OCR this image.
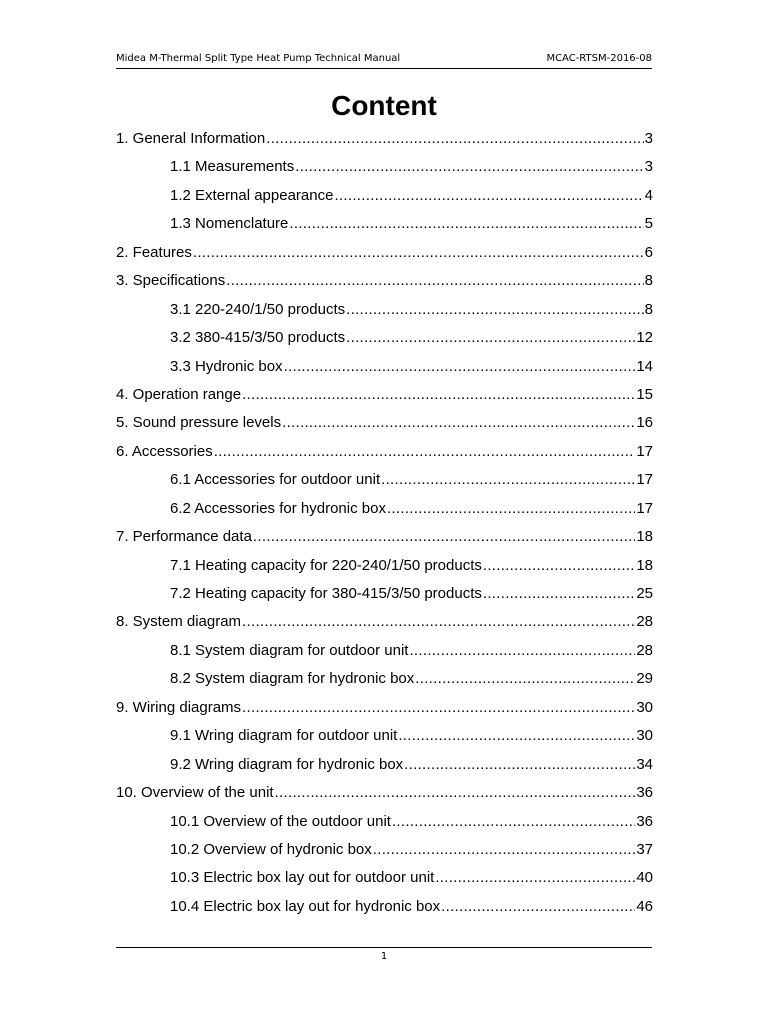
Midea M-Thermal Split Type Heat Pump Technical Manual	MCAC-RTSM-2016-08
Content
1. General Information .....	3
1.1 Measurements .....	3
1.2 External appearance .....	4
1.3 Nomenclature .....	5
2. Features .....	6
3. Specifications .....	8
3.1 220-240/1/50 products .....	8
3.2 380-415/3/50 products .....	12
3.3 Hydronic box .....	14
4. Operation range .....	15
5. Sound pressure levels .....	16
6. Accessories .....	17
6.1 Accessories for outdoor unit .....	17
6.2 Accessories for hydronic box .....	17
7. Performance data .....	18
7.1 Heating capacity for 220-240/1/50 products .....	18
7.2 Heating capacity for 380-415/3/50 products .....	25
8. System diagram .....	28
8.1 System diagram for outdoor unit .....	28
8.2 System diagram for hydronic box .....	29
9. Wiring diagrams .....	30
9.1 Wring diagram for outdoor unit .....	30
9.2 Wring diagram for hydronic box .....	34
10. Overview of the unit .....	36
10.1 Overview of the outdoor unit .....	36
10.2 Overview of hydronic box .....	37
10.3 Electric box lay out for outdoor unit .....	40
10.4 Electric box lay out for hydronic box .....	46
1
